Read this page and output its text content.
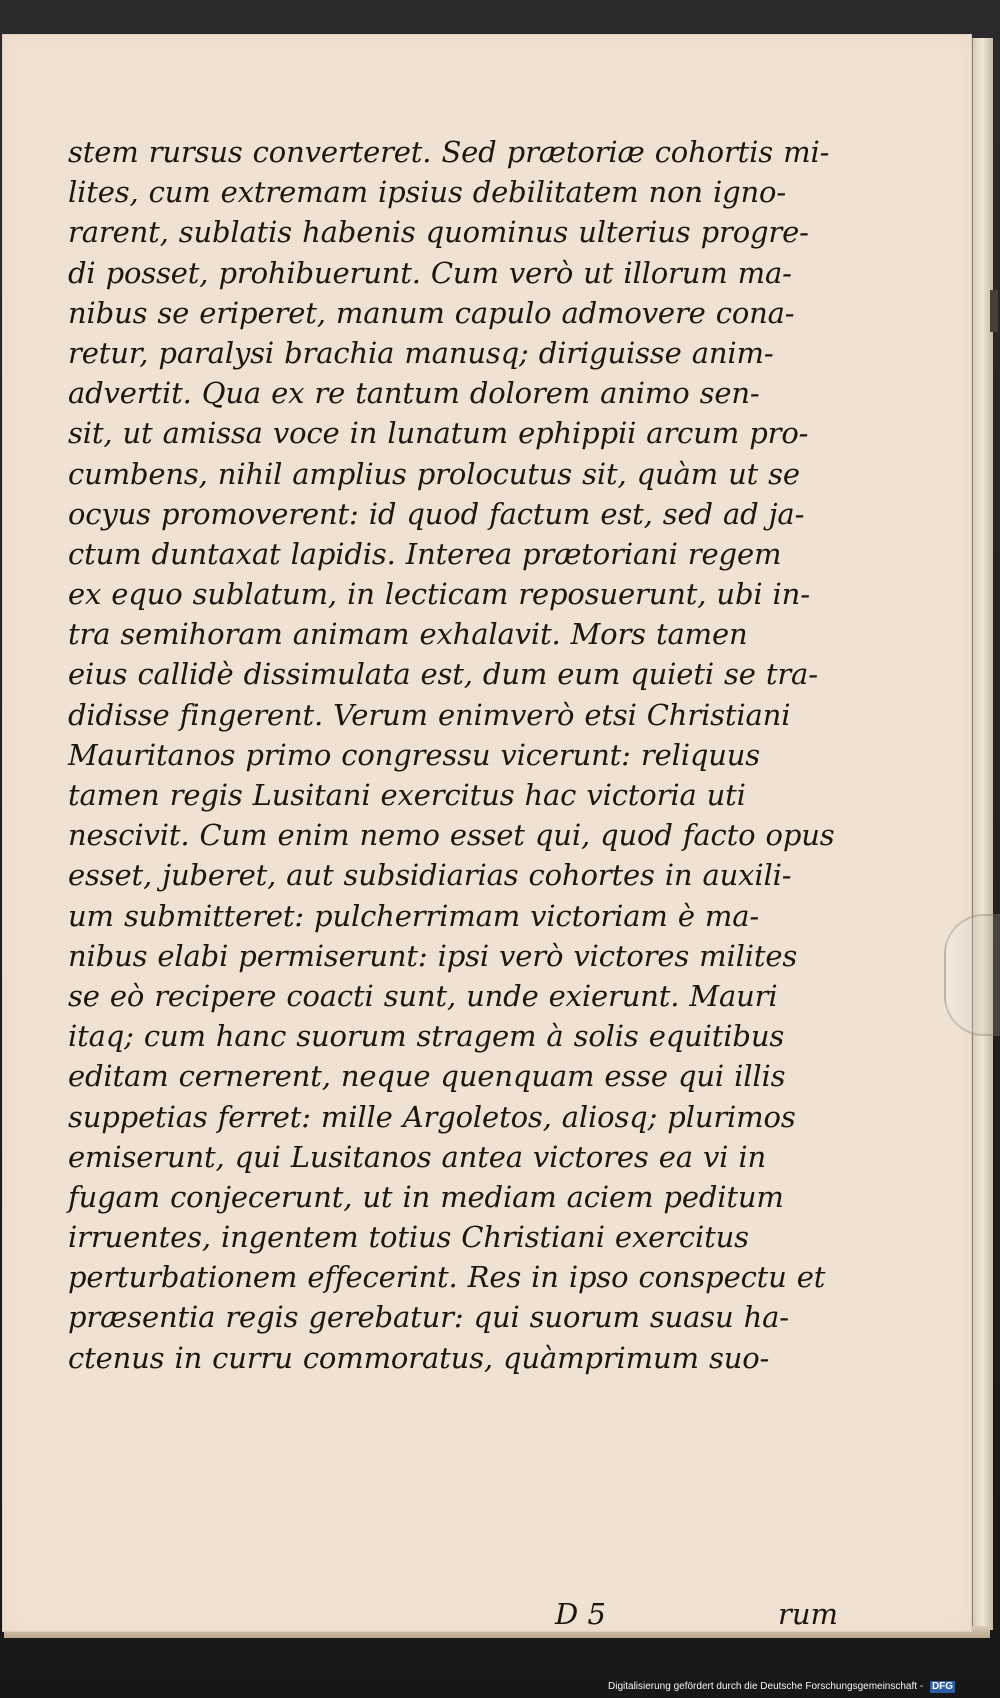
stem rursus converteret. Sed prætoriæ cohortis mi-
lites, cum extremam ipsius debilitatem non igno-
rarent, sublatis habenis quominus ulterius progre-
di posset, prohibuerunt. Cum verò ut illorum ma-
nibus se eriperet, manum capulo admovere cona-
retur, paralysi brachia manusq; diriguisse anim-
advertit. Qua ex re tantum dolorem animo sen-
sit, ut amissa voce in lunatum ephippii arcum pro-
cumbens, nihil amplius prolocutus sit, quàm ut se
ocyus promoverent: id quod factum est, sed ad ja-
ctum duntaxat lapidis. Interea prætoriani regem
ex equo sublatum, in lecticam reposuerunt, ubi in-
tra semihoram animam exhalavit. Mors tamen
eius callidè dissimulata est, dum eum quieti se tra-
didisse fingerent. Verum enimverò etsi Christiani
Mauritanos primo congressu vicerunt: reliquus
tamen regis Lusitani exercitus hac victoria uti
nescivit. Cum enim nemo esset qui, quod facto opus
esset, juberet, aut subsidiarias cohortes in auxili-
um submitteret: pulcherrimam victoriam è ma-
nibus elabi permiserunt: ipsi verò victores milites
se eò recipere coacti sunt, unde exierunt. Mauri
itaq; cum hanc suorum stragem à solis equitibus
editam cernerent, neque quenquam esse qui illis
suppetias ferret: mille Argoletos, aliosq; plurimos
emiserunt, qui Lusitanos antea victores ea vi in
fugam conjecerunt, ut in mediam aciem peditum
irruentes, ingentem totius Christiani exercitus
perturbationem effecerint. Res in ipso conspectu et
præsentia regis gerebatur: qui suorum suasu ha-
ctenus in curru commoratus, quàmprimum suo-
D 5	rum
Digitalisierung gefördert durch die Deutsche Forschungsgemeinschaft - DFG
